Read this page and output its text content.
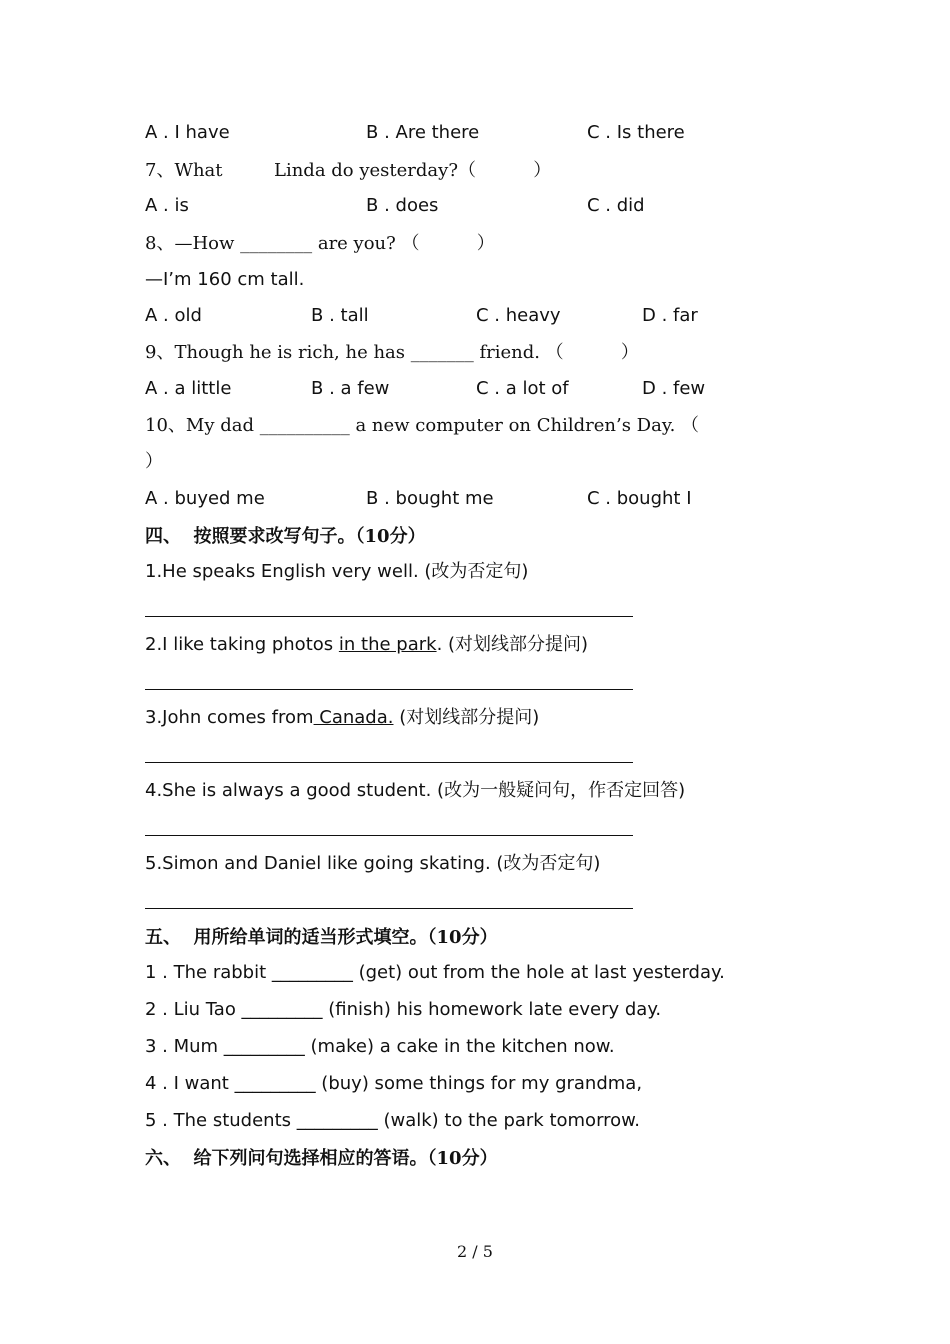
A . I have	B . Are there	C . Is there
7、What         Linda do yesterday?（          ）
A . is	B . does	C . did
8、—How ________ are you? （          ）
—I’m 160 cm tall.
A . old	B . tall	C . heavy	D . far
9、Though he is rich, he has _______ friend. （          ）
A . a little	B . a few	C . a lot of	D . few
10、My dad __________ a new computer on Children’s Day. （
）
A . buyed me	B . bought me	C . bought I
四、  按照要求改写句子。（10分）
1.He speaks English very well. (改为否定句)
2.I like taking photos in the park. (对划线部分提问)
3.John comes from Canada. (对划线部分提问)
4.She is always a good student. (改为一般疑问句，作否定回答)
5.Simon and Daniel like going skating. (改为否定句)
五、  用所给单词的适当形式填空。（10分）
1 . The rabbit _________ (get) out from the hole at last yesterday.
2 . Liu Tao _________ (finish) his homework late every day.
3 . Mum _________ (make) a cake in the kitchen now.
4 . I want _________ (buy) some things for my grandma,
5 . The students _________ (walk) to the park tomorrow.
六、  给下列问句选择相应的答语。（10分）
2 / 5
